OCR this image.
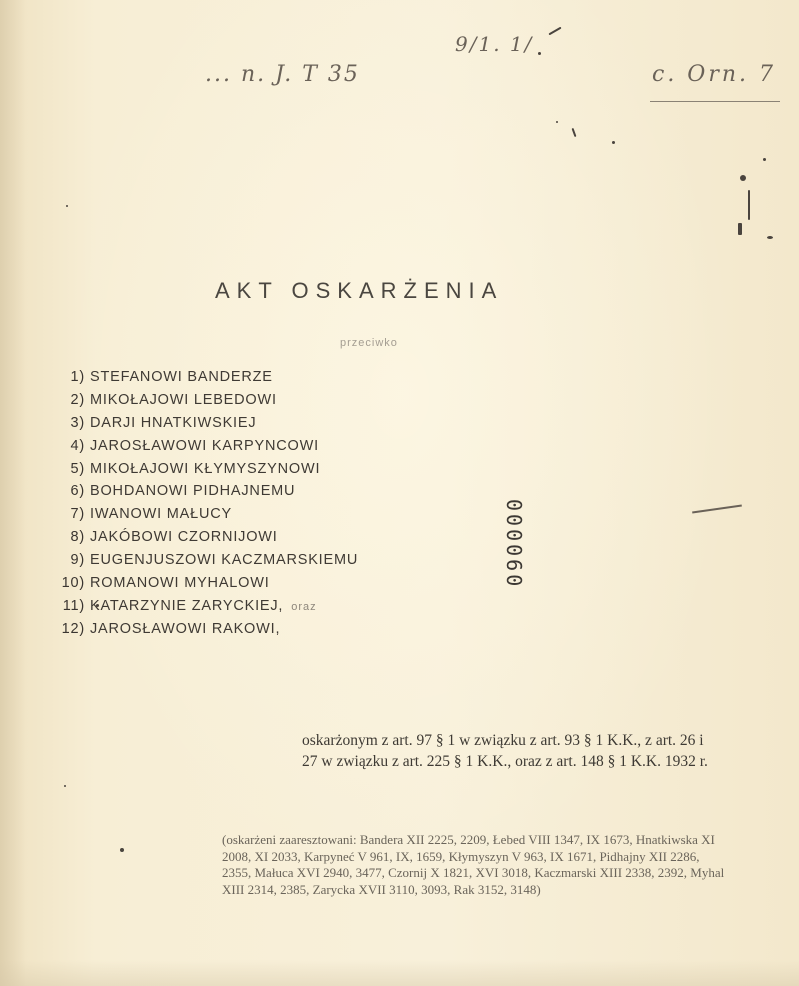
... n. J. T 35
9/1. 1/
c. Orn. 7
AKT OSKARŻENIA
przeciwko
1) STEFANOWI BANDERZE
2) MIKOŁAJOWI LEBEDOWI
3) DARJI HNATKIWSKIEJ
4) JAROSŁAWOWI KARPYNCOWI
5) MIKOŁAJOWI KŁYMYSZYNOWI
6) BOHDANOWI PIDHAJNEMU
7) IWANOWI MAŁUCY
8) JAKÓBOWI CZORNIJOWI
9) EUGENJUSZOWI KACZMARSKIEMU
10) ROMANOWI MYHALOWI
11) KATARZYNIE ZARYCKIEJ, oraz
12) JAROSŁAWOWI RAKOWI,
000060

oskarżonym z art. 97 § 1 w związku z art. 93 § 1 K.K., z art. 26 i 27 w związku z art. 225 § 1 K.K., oraz z art. 148 § 1 K.K. 1932 r.

(oskarżeni zaaresztowani: Bandera XII 2225, 2209, Łebed VIII 1347, IX 1673, Hnatkiwska XI 2008, XI 2033, Karpyneć V 961, IX, 1659, Kłymyszyn V 963, IX 1671, Pidhajny XII 2286, 2355, Małuca XVI 2940, 3477, Czornij X 1821, XVI 3018, Kaczmarski XIII 2338, 2392, Myhal XIII 2314, 2385, Zarycka XVII 3110, 3093, Rak 3152, 3148)
